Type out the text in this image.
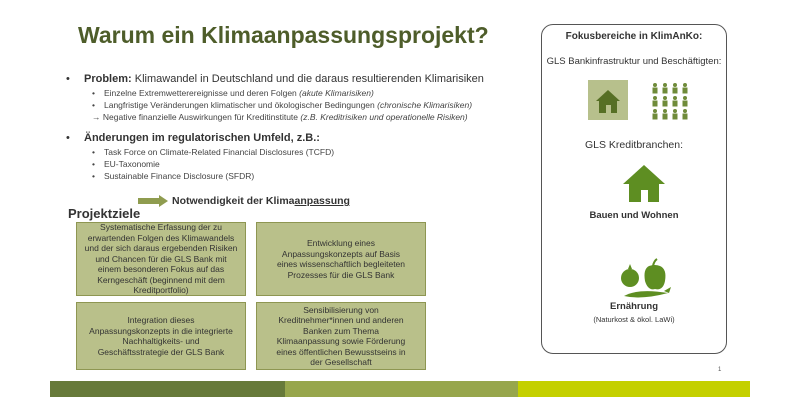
Warum ein Klimaanpassungsprojekt?
• Problem: Klimawandel in Deutschland und die daraus resultierenden Klimarisiken
• Einzelne Extremwetterereignisse und deren Folgen (akute Klimarisiken)
• Langfristige Veränderungen klimatischer und ökologischer Bedingungen (chronische Klimarisiken)
→ Negative finanzielle Auswirkungen für Kreditinstitute (z.B. Kreditrisiken und operationelle Risiken)
• Änderungen im regulatorischen Umfeld, z.B.:
• Task Force on Climate-Related Financial Disclosures (TCFD)
• EU-Taxonomie
• Sustainable Finance Disclosure (SFDR)
Notwendigkeit der Klimaanpassung
Projektziele
Systematische Erfassung der zu erwartenden Folgen des Klimawandels und der sich daraus ergebenden Risiken und Chancen für die GLS Bank mit einem besonderen Fokus auf das Kerngeschäft (beginnend mit dem Kreditportfolio)
Entwicklung eines Anpassungskonzepts auf Basis eines wissenschaftlich begleiteten Prozesses für die GLS Bank
Integration dieses Anpassungskonzepts in die integrierte Nachhaltigkeits- und Geschäftsstrategie der GLS Bank
Sensibilisierung von Kreditnehmer*innen und anderen Banken zum Thema Klimaanpassung sowie Förderung eines öffentlichen Bewusstseins in der Gesellschaft
Fokusbereiche in KlimAnKo:
GLS Bankinfrastruktur und Beschäftigten:
GLS Kreditbranchen:
Bauen und Wohnen
Ernährung
(Naturkost & ökol. LaWi)
1
